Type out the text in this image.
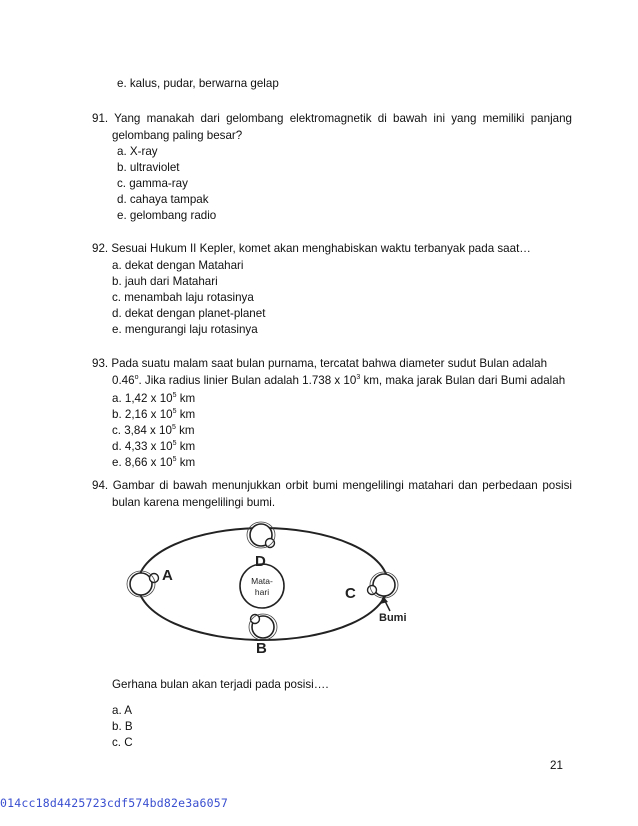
e. kalus, pudar, berwarna gelap
91. Yang manakah dari gelombang elektromagnetik di bawah ini yang memiliki panjang
gelombang paling besar?
a. X-ray
b. ultraviolet
c. gamma-ray
d. cahaya tampak
e. gelombang radio
92. Sesuai Hukum II Kepler, komet akan menghabiskan waktu terbanyak pada saat…
a. dekat dengan Matahari
b. jauh dari Matahari
c. menambah laju rotasinya
d. dekat dengan planet-planet
e. mengurangi laju rotasinya
93. Pada suatu malam saat bulan purnama, tercatat bahwa diameter sudut Bulan adalah
0.46$^o$. Jika radius linier Bulan adalah 1.738 x $10^3$ km, maka jarak Bulan dari Bumi adalah
a. 1,42 x $10^5$ km
b. 2,16 x $10^5$ km
c. 3,84 x $10^5$ km
d. 4,33 x $10^5$ km
e. 8,66 x $10^5$ km
94. Gambar di bawah menunjukkan orbit bumi mengelilingi matahari dan perbedaan posisi
bulan karena mengelilingi bumi.
Mata-
hari
A
D
B
C
Bumi
Gerhana bulan akan terjadi pada posisi….
a. A
b. B
c. C
21
014cc18d4425723cdf574bd82e3a6057
